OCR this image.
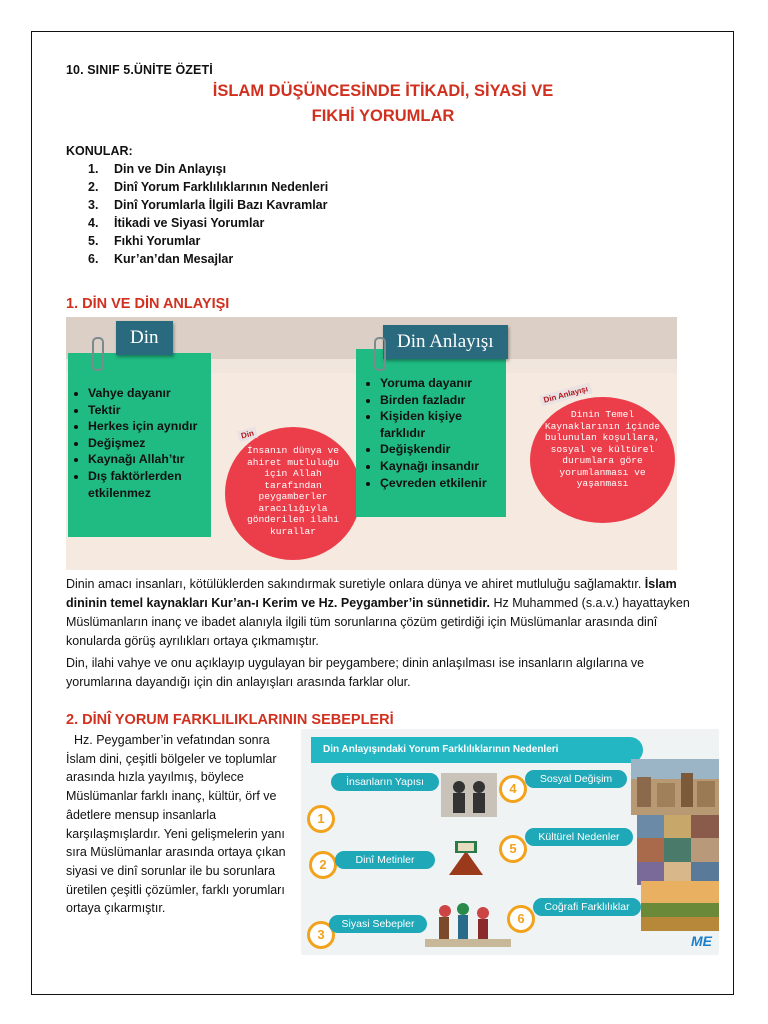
10. SINIF 5.ÜNİTE ÖZETİ
İSLAM DÜŞÜNCESİNDE İTİKADİ, SİYASİ VE
FIKHİ YORUMLAR
KONULAR:
1.	Din ve Din Anlayışı
2.	Dinî Yorum Farklılıklarının Nedenleri
3.	Dinî Yorumlarla İlgili Bazı Kavramlar
4.	İtikadi ve Siyasi Yorumlar
5.	Fıkhi Yorumlar
6.	Kur’an’dan Mesajlar
1. DİN VE DİN ANLAYIŞI
• Vahye dayanır
• Tektir
• Herkes için aynıdır
• Değişmez
• Kaynağı Allah’tır
• Dış faktörlerden etkilenmez
Din
İnsanın dünya ve ahiret mutluluğu için Allah tarafından peygamberler aracılığıyla gönderilen ilahi kurallar
Din
• Yoruma dayanır
• Birden fazladır
• Kişiden kişiye farklıdır
• Değişkendir
• Kaynağı insandır
• Çevreden etkilenir
Din Anlayışı
Dinin Temel Kaynaklarının içinde bulunulan koşullara, sosyal ve kültürel durumlara göre yorumlanması ve yaşanması
Din Anlayışı
Dinin amacı insanları, kötülüklerden sakındırmak suretiyle onlara dünya ve ahiret mutluluğu sağlamaktır. İslam dininin temel kaynakları Kur’an-ı Kerim ve Hz. Peygamber’in sünnetidir. Hz Muhammed (s.a.v.) hayattayken Müslümanların inanç ve ibadet alanıyla ilgili tüm sorunlarına çözüm getirdiği için Müslümanlar arasında dinî konularda görüş ayrılıkları ortaya çıkmamıştır.
Din, ilahi vahye ve onu açıklayıp uygulayan bir peygambere; dinin anlaşılması ise insanların algılarına ve yorumlarına dayandığı için din anlayışları arasında farklar olur.
2. DİNÎ YORUM FARKLILIKLARININ SEBEPLERİ
Hz. Peygamber’in vefatından sonra İslam dini, çeşitli bölgeler ve toplumlar arasında hızla yayılmış, böylece Müslümanlar farklı inanç, kültür, örf ve âdetlere mensup insanlarla karşılaşmışlardır. Yeni gelişmelerin yanı sıra Müslümanlar arasında ortaya çıkan siyasi ve dinî sorunlar ile bu sorunlara üretilen çeşitli çözümler, farklı yorumları ortaya çıkarmıştır.
Din Anlayışındaki Yorum Farklılıklarının Nedenleri
1
İnsanların Yapısı
2	Dinî Metinler
3
Siyasi Sebepler
4
Sosyal Değişim
5
Kültürel Nedenler
6
Coğrafi Farklılıklar
ME
